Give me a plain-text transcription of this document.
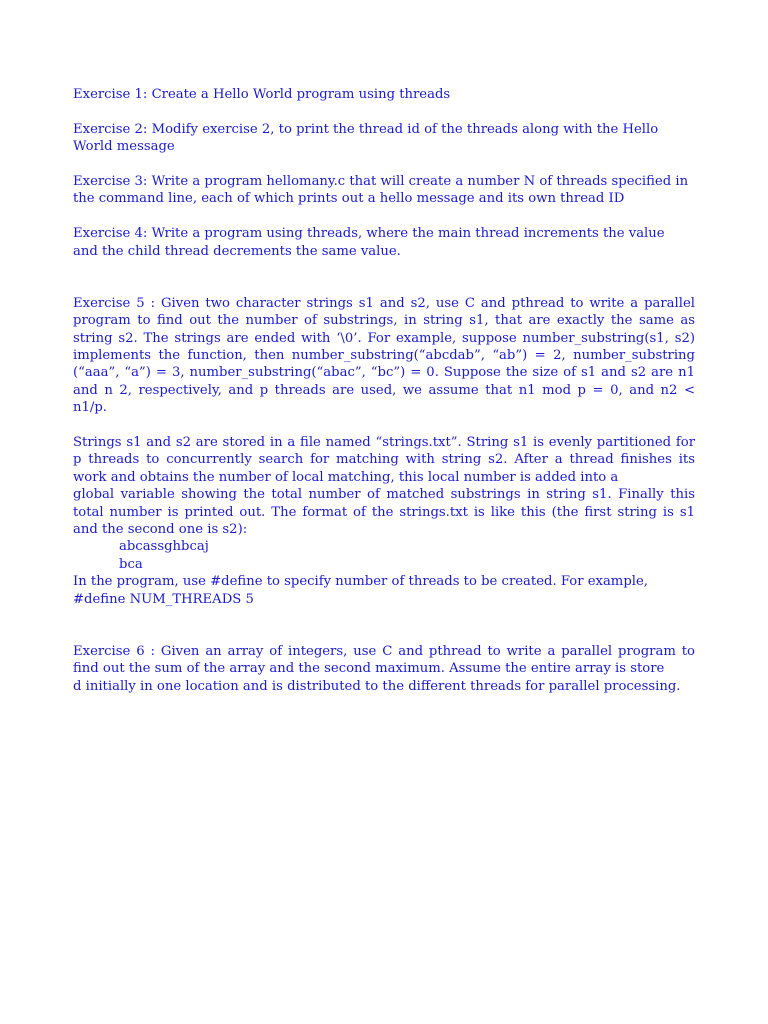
Exercise 1: Create a Hello World program using threads
Exercise 2: Modify exercise 2, to print the thread id of the threads along with the Hello
World message
Exercise 3: Write a program hellomany.c that will create a number N of threads specified in
the command line, each of which prints out a hello message and its own thread ID
Exercise 4: Write a program using threads, where the main thread increments the value
and the child thread decrements the same value.
Exercise 5 : Given two character strings s1 and s2, use C and pthread to write a parallel
program to find out the number of substrings, in string s1, that are exactly the same as
string s2. The strings are ended with ‘\0’. For example, suppose number_substring(s1, s2)
implements the function, then number_substring(“abcdab”, “ab”) = 2, number_substring
(“aaa”, “a”) = 3, number_substring(“abac”, “bc”) = 0. Suppose the size of s1 and s2 are n1
and n 2, respectively, and p threads are used, we assume that n1 mod p = 0, and n2 <
n1/p.
Strings s1 and s2 are stored in a file named “strings.txt”. String s1 is evenly partitioned for
p threads to concurrently search for matching with string s2. After a thread finishes its
work and obtains the number of local matching, this local number is added into a
global variable showing the total number of matched substrings in string s1. Finally this
total number is printed out. The format of the strings.txt is like this (the first string is s1
and the second one is s2):
abcassghbcaj
bca
In the program, use #define to specify number of threads to be created. For example,
#define NUM_THREADS 5
Exercise 6 : Given an array of integers, use C and pthread to write a parallel program to
find out the sum of the array and the second maximum. Assume the entire array is store
d initially in one location and is distributed to the different threads for parallel processing.
